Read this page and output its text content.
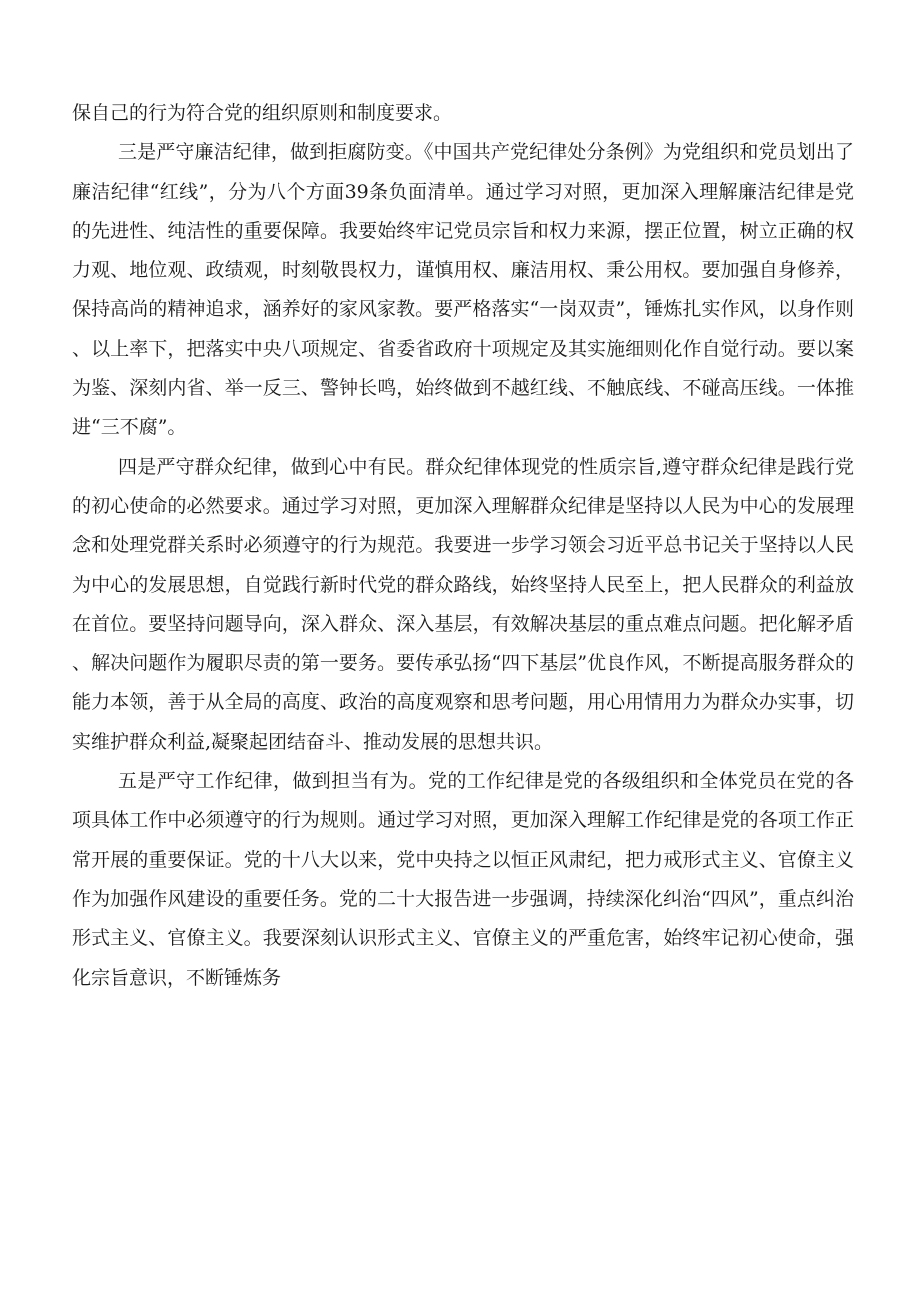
保自己的行为符合党的组织原则和制度要求。

三是严守廉洁纪律，做到拒腐防变。《中国共产党纪律处分条例》为党组织和党员划出了廉洁纪律“红线”，分为八个方面39条负面清单。通过学习对照，更加深入理解廉洁纪律是党的先进性、纯洁性的重要保障。我要始终牢记党员宗旨和权力来源，摆正位置，树立正确的权力观、地位观、政绩观，时刻敬畏权力，谨慎用权、廉洁用权、秉公用权。要加强自身修养，保持高尚的精神追求，涵养好的家风家教。要严格落实“一岗双责”，锤炼扎实作风，以身作则、以上率下，把落实中央八项规定、省委省政府十项规定及其实施细则化作自觉行动。要以案为鉴、深刻内省、举一反三、警钟长鸣，始终做到不越红线、不触底线、不碰高压线。一体推进“三不腐”。

四是严守群众纪律，做到心中有民。群众纪律体现党的性质宗旨,遵守群众纪律是践行党的初心使命的必然要求。通过学习对照，更加深入理解群众纪律是坚持以人民为中心的发展理念和处理党群关系时必须遵守的行为规范。我要进一步学习领会习近平总书记关于坚持以人民为中心的发展思想，自觉践行新时代党的群众路线，始终坚持人民至上，把人民群众的利益放在首位。要坚持问题导向，深入群众、深入基层，有效解决基层的重点难点问题。把化解矛盾、解决问题作为履职尽责的第一要务。要传承弘扬“四下基层”优良作风，不断提高服务群众的能力本领，善于从全局的高度、政治的高度观察和思考问题，用心用情用力为群众办实事，切实维护群众利益,凝聚起团结奋斗、推动发展的思想共识。

五是严守工作纪律，做到担当有为。党的工作纪律是党的各级组织和全体党员在党的各项具体工作中必须遵守的行为规则。通过学习对照，更加深入理解工作纪律是党的各项工作正常开展的重要保证。党的十八大以来，党中央持之以恒正风肃纪，把力戒形式主义、官僚主义作为加强作风建设的重要任务。党的二十大报告进一步强调，持续深化纠治“四风”，重点纠治形式主义、官僚主义。我要深刻认识形式主义、官僚主义的严重危害，始终牢记初心使命，强化宗旨意识，不断锤炼务
